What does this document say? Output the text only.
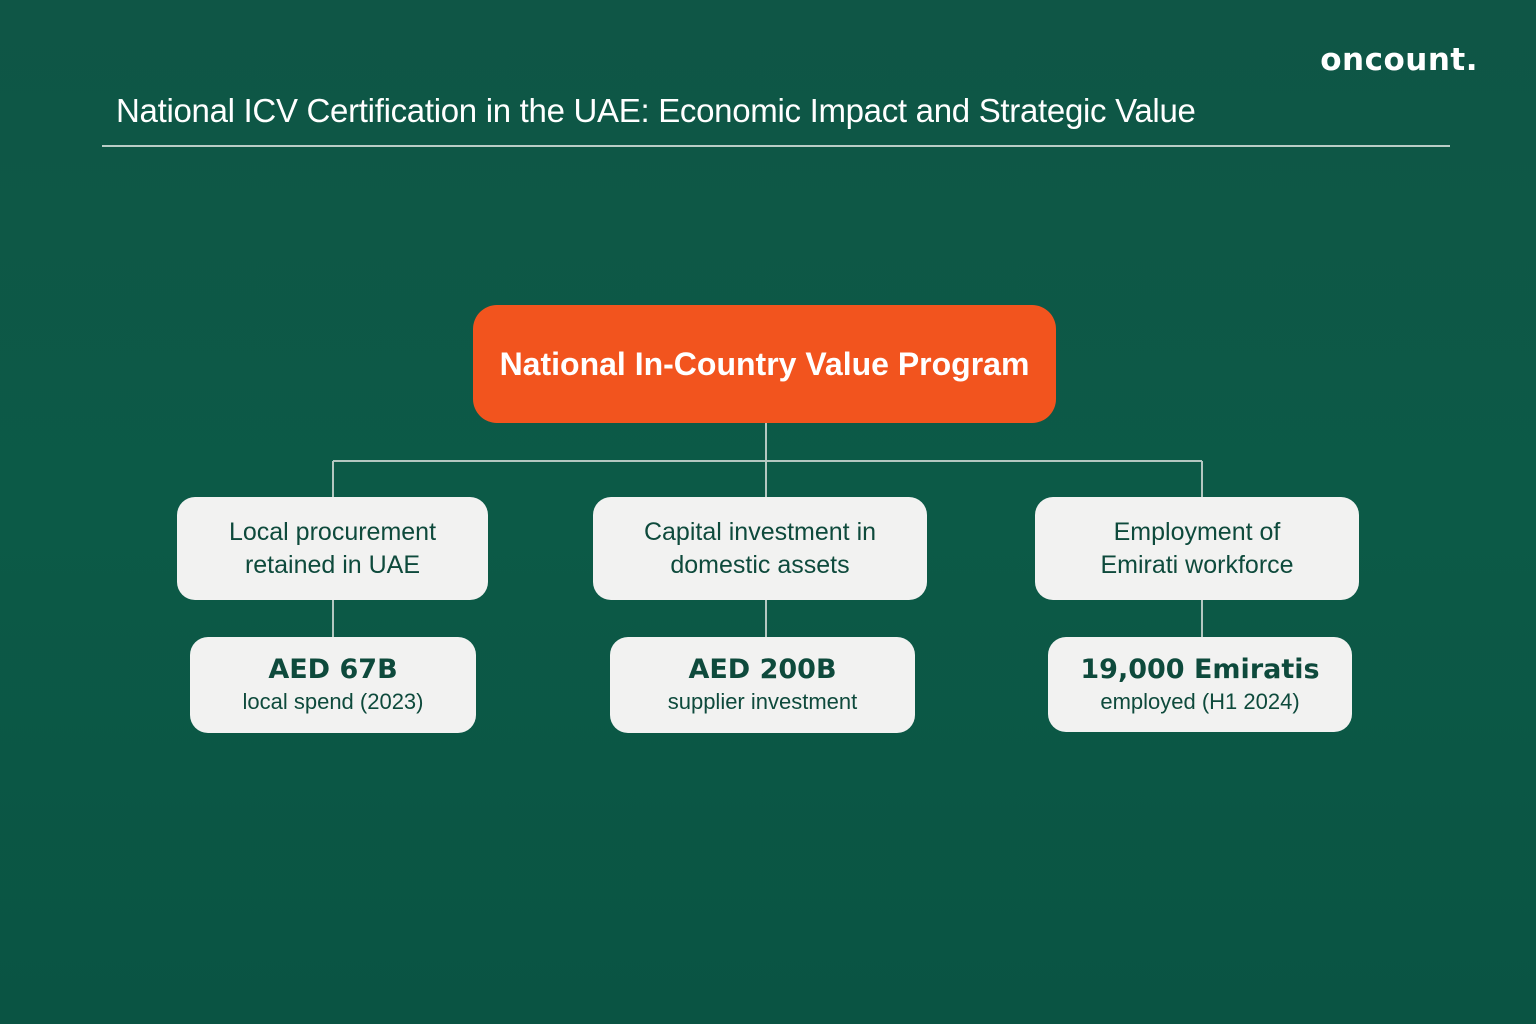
oncount.
National ICV Certification in the UAE: Economic Impact and Strategic Value
National In-Country Value Program
Local procurement retained in UAE
AED 67B
local spend (2023)
Capital investment in domestic assets
AED 200B
supplier investment
Employment of Emirati workforce
19,000 Emiratis
employed (H1 2024)
